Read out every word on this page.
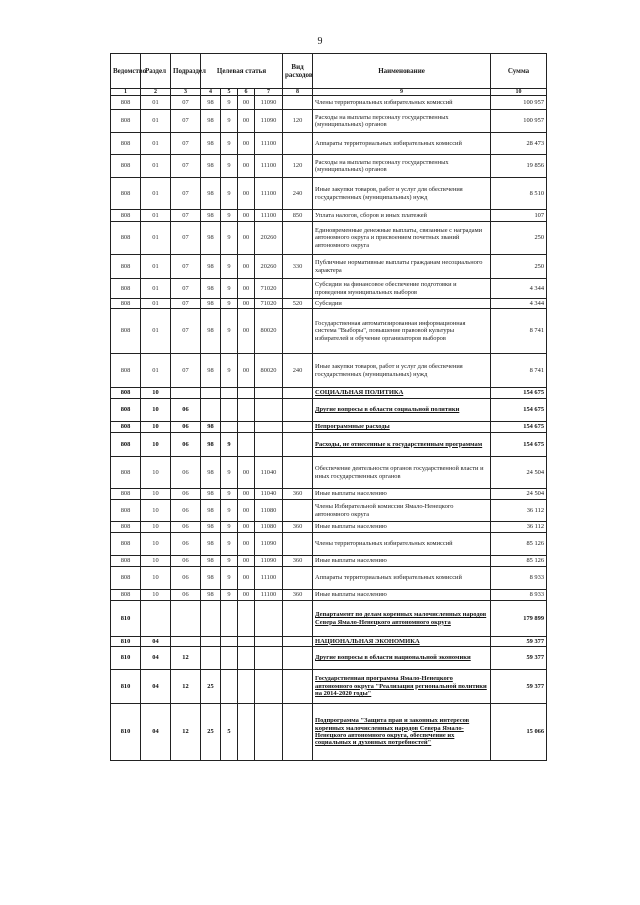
9
Ведомство	Раздел	Подраздел	Целевая статья				Вид расходов	Наименование	Сумма
1	2	3	4	5	6	7	8	9	10
808	01	07	98	9	00	11090		Члены территориальных избирательных комиссий	100 957
808	01	07	98	9	00	11090	120	Расходы на выплаты персоналу государственных (муниципальных) органов	100 957
808	01	07	98	9	00	11100		Аппараты территориальных избирательных комиссий	28 473
808	01	07	98	9	00	11100	120	Расходы на выплаты персоналу государственных (муниципальных) органов	19 856
808	01	07	98	9	00	11100	240	Иные закупки товаров, работ и услуг для обеспечения государственных (муниципальных) нужд	8 510
808	01	07	98	9	00	11100	850	Уплата налогов, сборов и иных платежей	107
808	01	07	98	9	00	20260		Единовременные денежные выплаты, связанные с наградами автономного округа и присвоением почетных званий автономного округа	250
808	01	07	98	9	00	20260	330	Публичные нормативные выплаты гражданам несоциального характера	250
808	01	07	98	9	00	71020		Субсидии на финансовое обеспечение подготовки и проведения муниципальных выборов	4 344
808	01	07	98	9	00	71020	520	Субсидии	4 344
808	01	07	98	9	00	80020		Государственная автоматизированная информационная система "Выборы", повышение правовой культуры избирателей и обучение организаторов выборов	8 741
808	01	07	98	9	00	80020	240	Иные закупки товаров, работ и услуг для обеспечения государственных (муниципальных) нужд	8 741
808	10							СОЦИАЛЬНАЯ ПОЛИТИКА	154 675
808	10	06						Другие вопросы в области социальной политики	154 675
808	10	06	98					Непрограммные расходы	154 675
808	10	06	98	9				Расходы, не отнесенные к государственным программам	154 675
808	10	06	98	9	00	11040		Обеспечение деятельности органов государственной власти и иных государственных органов	24 504
808	10	06	98	9	00	11040	360	Иные выплаты населению	24 504
808	10	06	98	9	00	11080		Члены Избирательной комиссии Ямало-Ненецкого автономного округа	36 112
808	10	06	98	9	00	11080	360	Иные выплаты населению	36 112
808	10	06	98	9	00	11090		Члены территориальных избирательных комиссий	85 126
808	10	06	98	9	00	11090	360	Иные выплаты населению	85 126
808	10	06	98	9	00	11100		Аппараты территориальных избирательных комиссий	8 933
808	10	06	98	9	00	11100	360	Иные выплаты населению	8 933
810								Департамент по делам коренных малочисленных народов Севера Ямало-Ненецкого автономного округа	179 899
810	04							НАЦИОНАЛЬНАЯ ЭКОНОМИКА	59 377
810	04	12						Другие вопросы в области национальной экономики	59 377
810	04	12	25					Государственная программа Ямало-Ненецкого автономного округа "Реализация региональной политики на 2014-2020 годы"	59 377
810	04	12	25	5				Подпрограмма "Защита прав и законных интересов коренных малочисленных народов Севера Ямало-Ненецкого автономного округа, обеспечение их социальных и духовных потребностей"	15 066
